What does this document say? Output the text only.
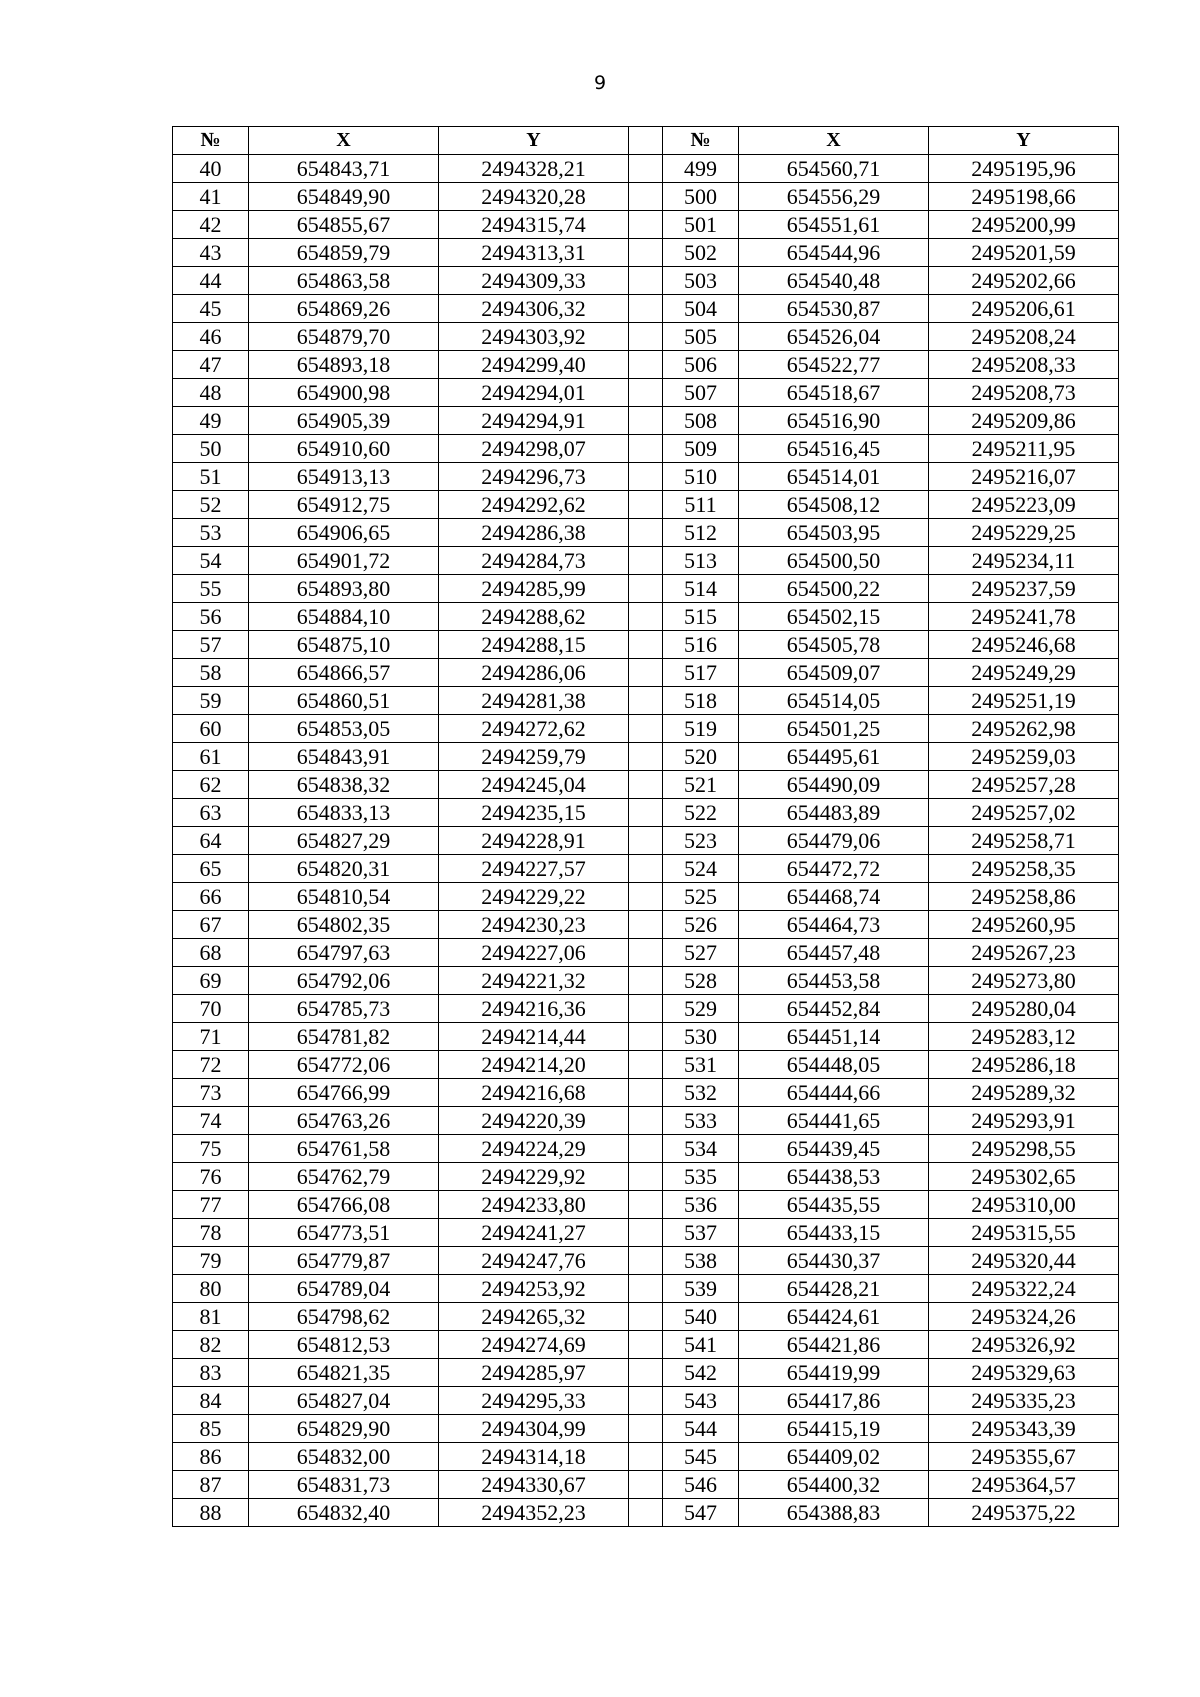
9
№	X	Y		№	X	Y
40	654843,71	2494328,21		499	654560,71	2495195,96
41	654849,90	2494320,28		500	654556,29	2495198,66
42	654855,67	2494315,74		501	654551,61	2495200,99
43	654859,79	2494313,31		502	654544,96	2495201,59
44	654863,58	2494309,33		503	654540,48	2495202,66
45	654869,26	2494306,32		504	654530,87	2495206,61
46	654879,70	2494303,92		505	654526,04	2495208,24
47	654893,18	2494299,40		506	654522,77	2495208,33
48	654900,98	2494294,01		507	654518,67	2495208,73
49	654905,39	2494294,91		508	654516,90	2495209,86
50	654910,60	2494298,07		509	654516,45	2495211,95
51	654913,13	2494296,73		510	654514,01	2495216,07
52	654912,75	2494292,62		511	654508,12	2495223,09
53	654906,65	2494286,38		512	654503,95	2495229,25
54	654901,72	2494284,73		513	654500,50	2495234,11
55	654893,80	2494285,99		514	654500,22	2495237,59
56	654884,10	2494288,62		515	654502,15	2495241,78
57	654875,10	2494288,15		516	654505,78	2495246,68
58	654866,57	2494286,06		517	654509,07	2495249,29
59	654860,51	2494281,38		518	654514,05	2495251,19
60	654853,05	2494272,62		519	654501,25	2495262,98
61	654843,91	2494259,79		520	654495,61	2495259,03
62	654838,32	2494245,04		521	654490,09	2495257,28
63	654833,13	2494235,15		522	654483,89	2495257,02
64	654827,29	2494228,91		523	654479,06	2495258,71
65	654820,31	2494227,57		524	654472,72	2495258,35
66	654810,54	2494229,22		525	654468,74	2495258,86
67	654802,35	2494230,23		526	654464,73	2495260,95
68	654797,63	2494227,06		527	654457,48	2495267,23
69	654792,06	2494221,32		528	654453,58	2495273,80
70	654785,73	2494216,36		529	654452,84	2495280,04
71	654781,82	2494214,44		530	654451,14	2495283,12
72	654772,06	2494214,20		531	654448,05	2495286,18
73	654766,99	2494216,68		532	654444,66	2495289,32
74	654763,26	2494220,39		533	654441,65	2495293,91
75	654761,58	2494224,29		534	654439,45	2495298,55
76	654762,79	2494229,92		535	654438,53	2495302,65
77	654766,08	2494233,80		536	654435,55	2495310,00
78	654773,51	2494241,27		537	654433,15	2495315,55
79	654779,87	2494247,76		538	654430,37	2495320,44
80	654789,04	2494253,92		539	654428,21	2495322,24
81	654798,62	2494265,32		540	654424,61	2495324,26
82	654812,53	2494274,69		541	654421,86	2495326,92
83	654821,35	2494285,97		542	654419,99	2495329,63
84	654827,04	2494295,33		543	654417,86	2495335,23
85	654829,90	2494304,99		544	654415,19	2495343,39
86	654832,00	2494314,18		545	654409,02	2495355,67
87	654831,73	2494330,67		546	654400,32	2495364,57
88	654832,40	2494352,23		547	654388,83	2495375,22
